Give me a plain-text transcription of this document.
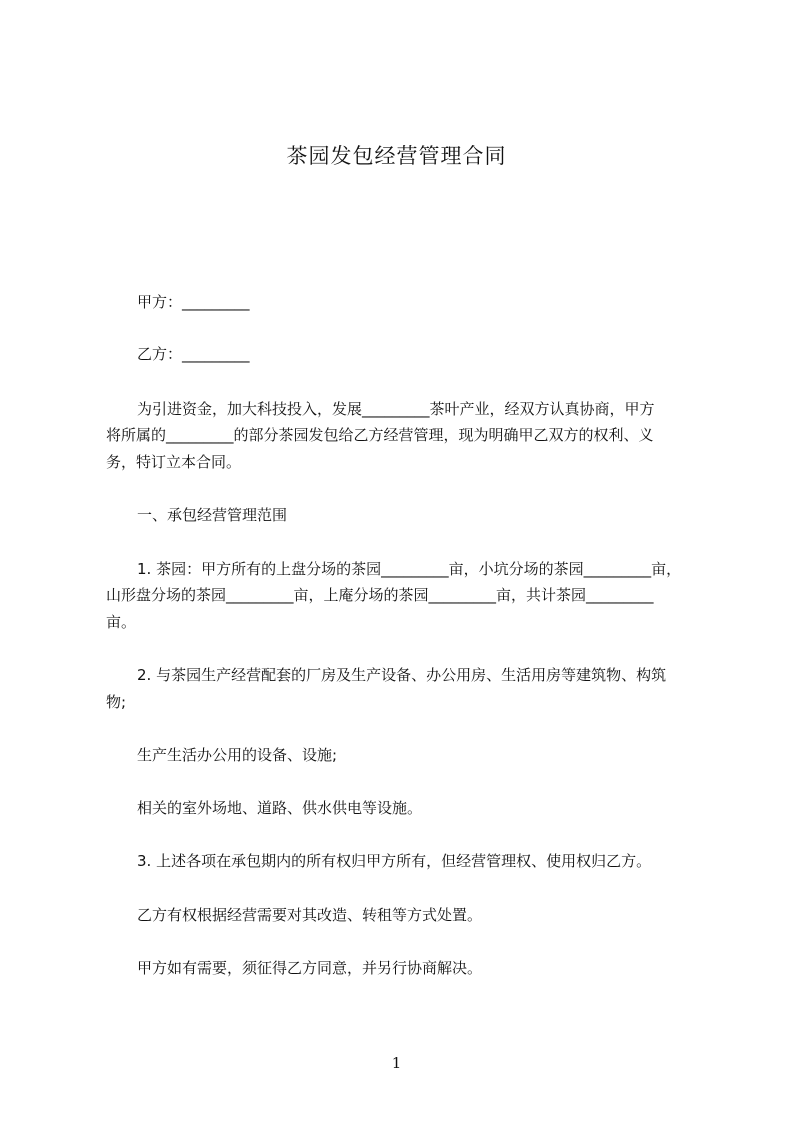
茶园发包经营管理合同
甲方：_________
乙方：_________
为引进资金，加大科技投入，发展_________茶叶产业，经双方认真协商，甲方
将所属的_________的部分茶园发包给乙方经营管理，现为明确甲乙双方的权利、义
务，特订立本合同。
一、承包经营管理范围
1. 茶园：甲方所有的上盘分场的茶园_________亩，小坑分场的茶园_________亩，
山形盘分场的茶园_________亩，上庵分场的茶园_________亩，共计茶园_________
亩。
2. 与茶园生产经营配套的厂房及生产设备、办公用房、生活用房等建筑物、构筑
物;
生产生活办公用的设备、设施;
相关的室外场地、道路、供水供电等设施。
3. 上述各项在承包期内的所有权归甲方所有，但经营管理权、使用权归乙方。
乙方有权根据经营需要对其改造、转租等方式处置。
甲方如有需要，须征得乙方同意，并另行协商解决。
1
